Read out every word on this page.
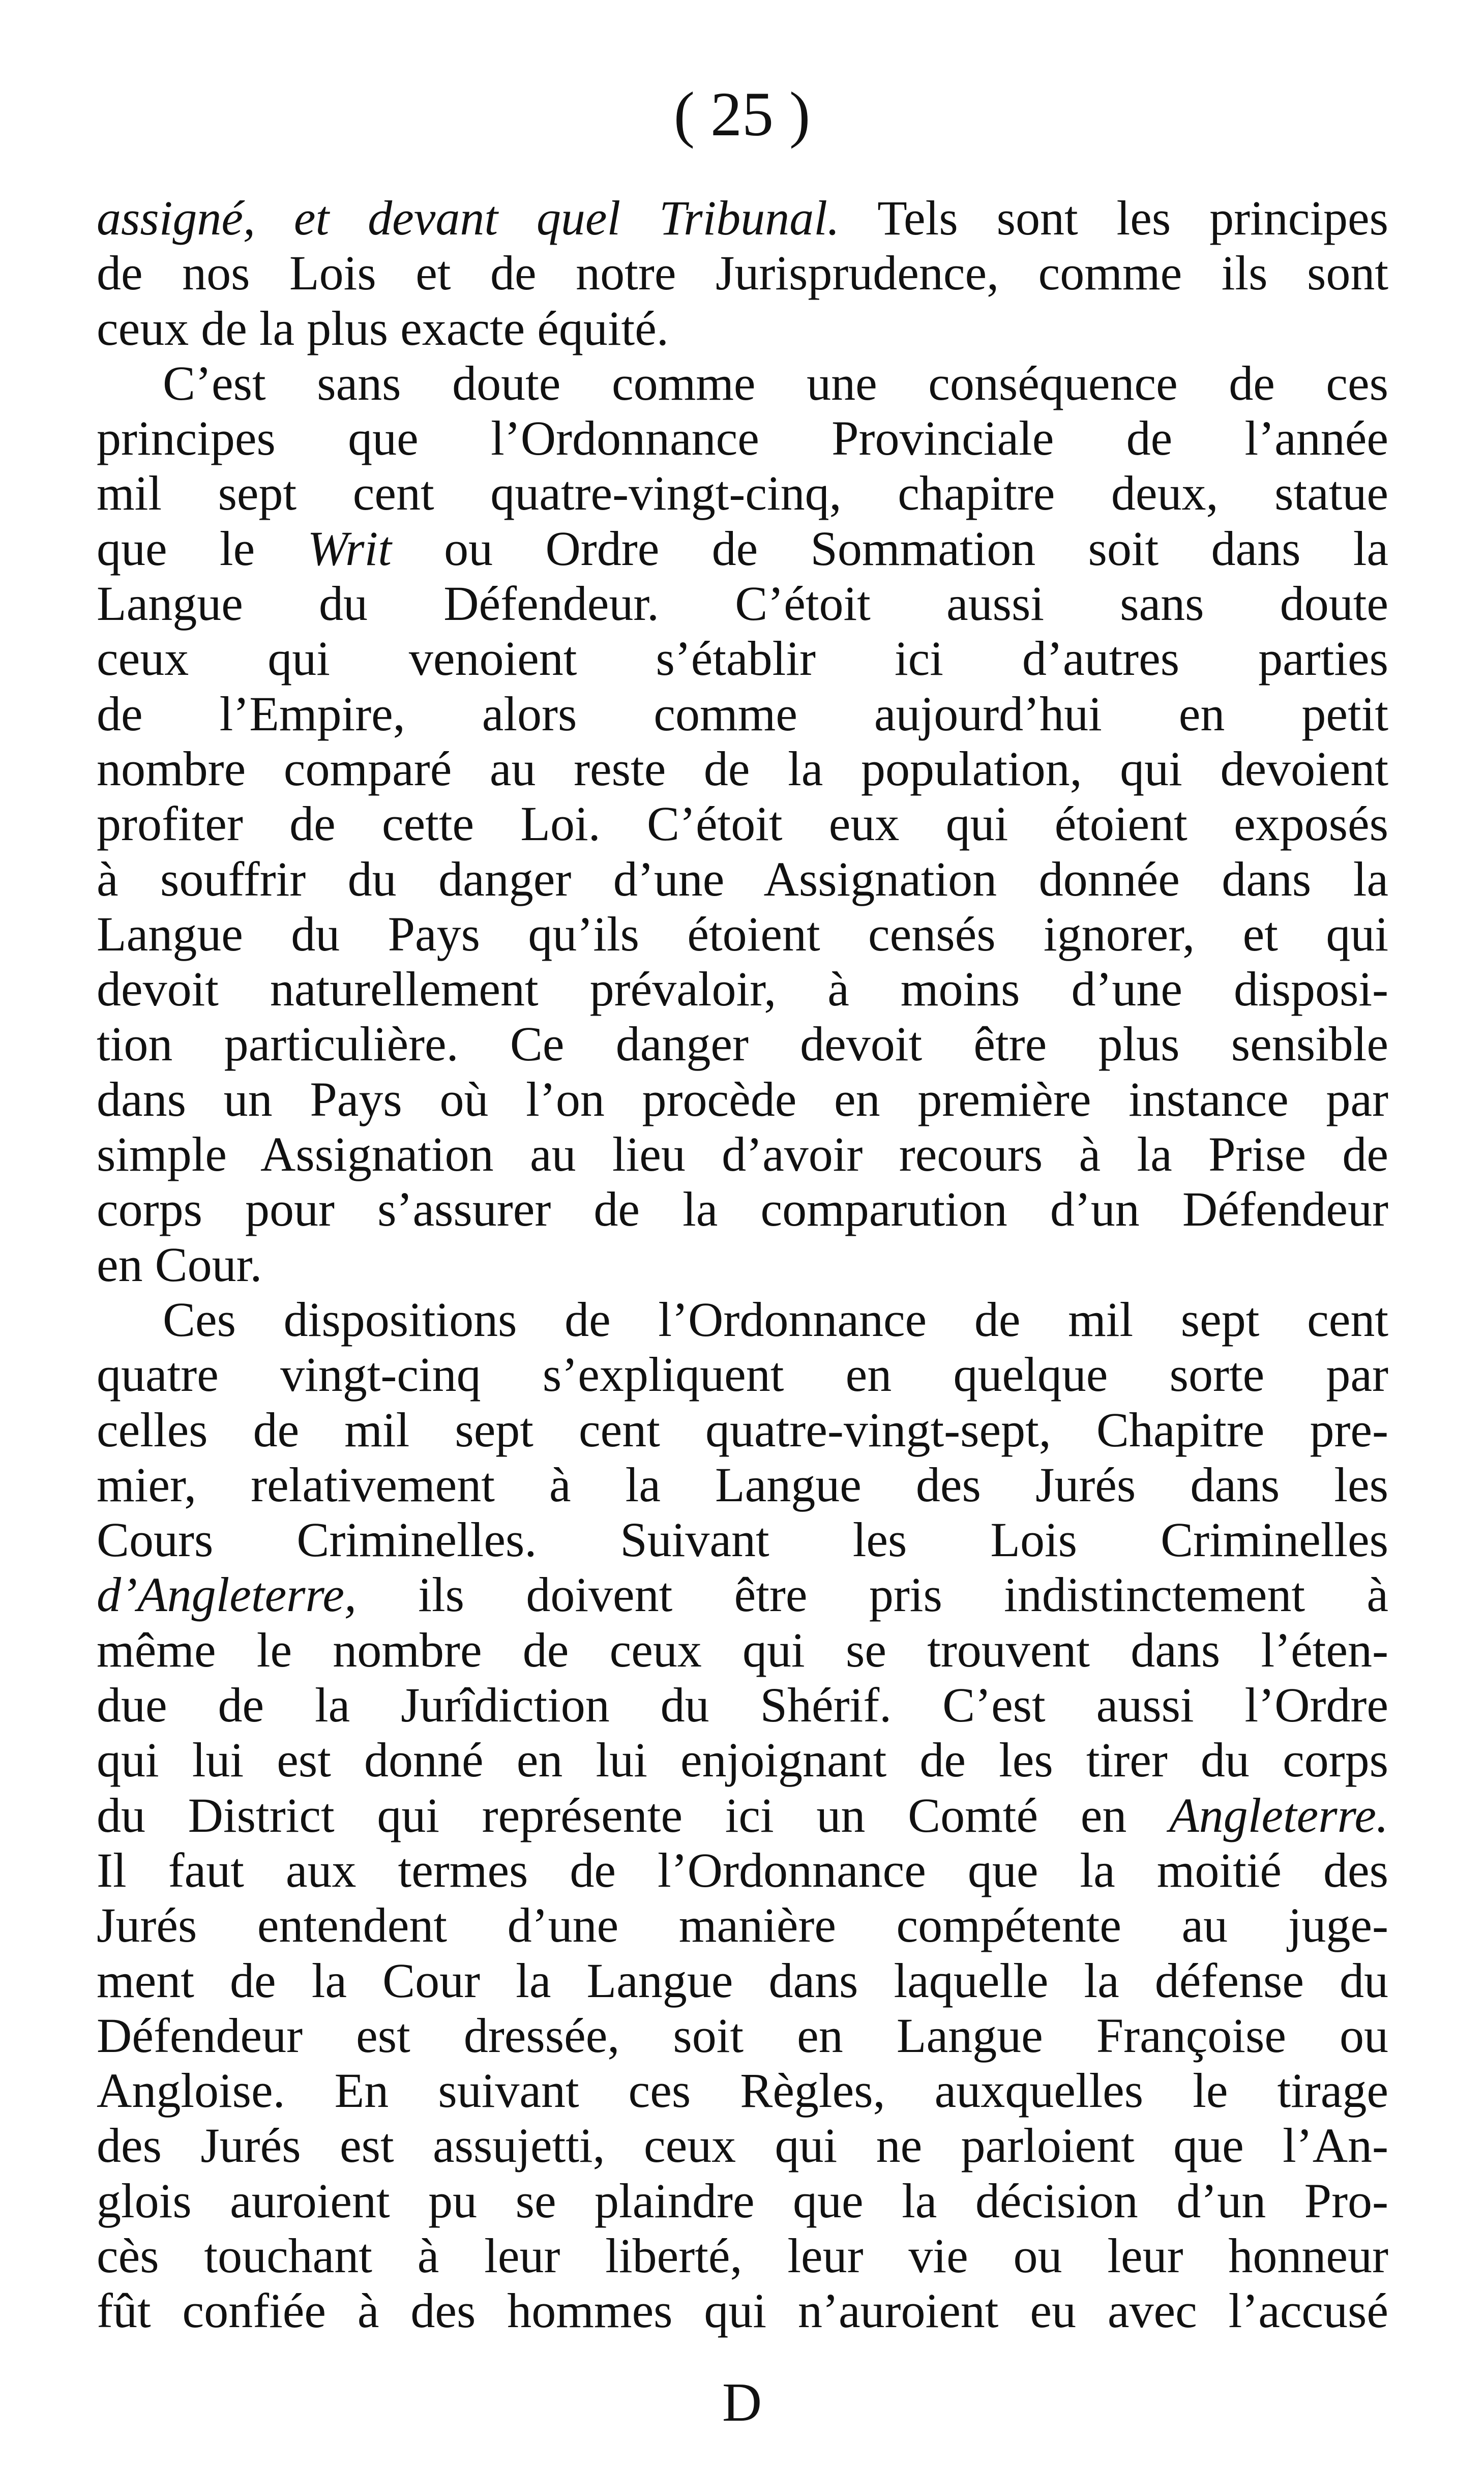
( 25 )
assigné, et devant quel Tribunal. Tels sont les principes
de nos Lois et de notre Jurisprudence, comme ils sont
ceux de la plus exacte équité.
C’est sans doute comme une conséquence de ces
principes que l’Ordonnance Provinciale de l’année
mil sept cent quatre-vingt-cinq, chapitre deux, statue
que le Writ ou Ordre de Sommation soit dans la
Langue du Défendeur. C’étoit aussi sans doute
ceux qui venoient s’établir ici d’autres parties
de l’Empire, alors comme aujourd’hui en petit
nombre comparé au reste de la population, qui devoient
profiter de cette Loi. C’étoit eux qui étoient exposés
à souffrir du danger d’une Assignation donnée dans la
Langue du Pays qu’ils étoient censés ignorer, et qui
devoit naturellement prévaloir, à moins d’une disposi-
tion particulière. Ce danger devoit être plus sensible
dans un Pays où l’on procède en première instance par
simple Assignation au lieu d’avoir recours à la Prise de
corps pour s’assurer de la comparution d’un Défendeur
en Cour.
Ces dispositions de l’Ordonnance de mil sept cent
quatre vingt-cinq s’expliquent en quelque sorte par
celles de mil sept cent quatre-vingt-sept, Chapitre pre-
mier, relativement à la Langue des Jurés dans les
Cours Criminelles. Suivant les Lois Criminelles
d’Angleterre, ils doivent être pris indistinctement à
même le nombre de ceux qui se trouvent dans l’éten-
due de la Jurîdiction du Shérif. C’est aussi l’Ordre
qui lui est donné en lui enjoignant de les tirer du corps
du District qui représente ici un Comté en Angleterre.
Il faut aux termes de l’Ordonnance que la moitié des
Jurés entendent d’une manière compétente au juge-
ment de la Cour la Langue dans laquelle la défense du
Défendeur est dressée, soit en Langue Françoise ou
Angloise. En suivant ces Règles, auxquelles le tirage
des Jurés est assujetti, ceux qui ne parloient que l’An-
glois auroient pu se plaindre que la décision d’un Pro-
cès touchant à leur liberté, leur vie ou leur honneur
fût confiée à des hommes qui n’auroient eu avec l’accusé
D
